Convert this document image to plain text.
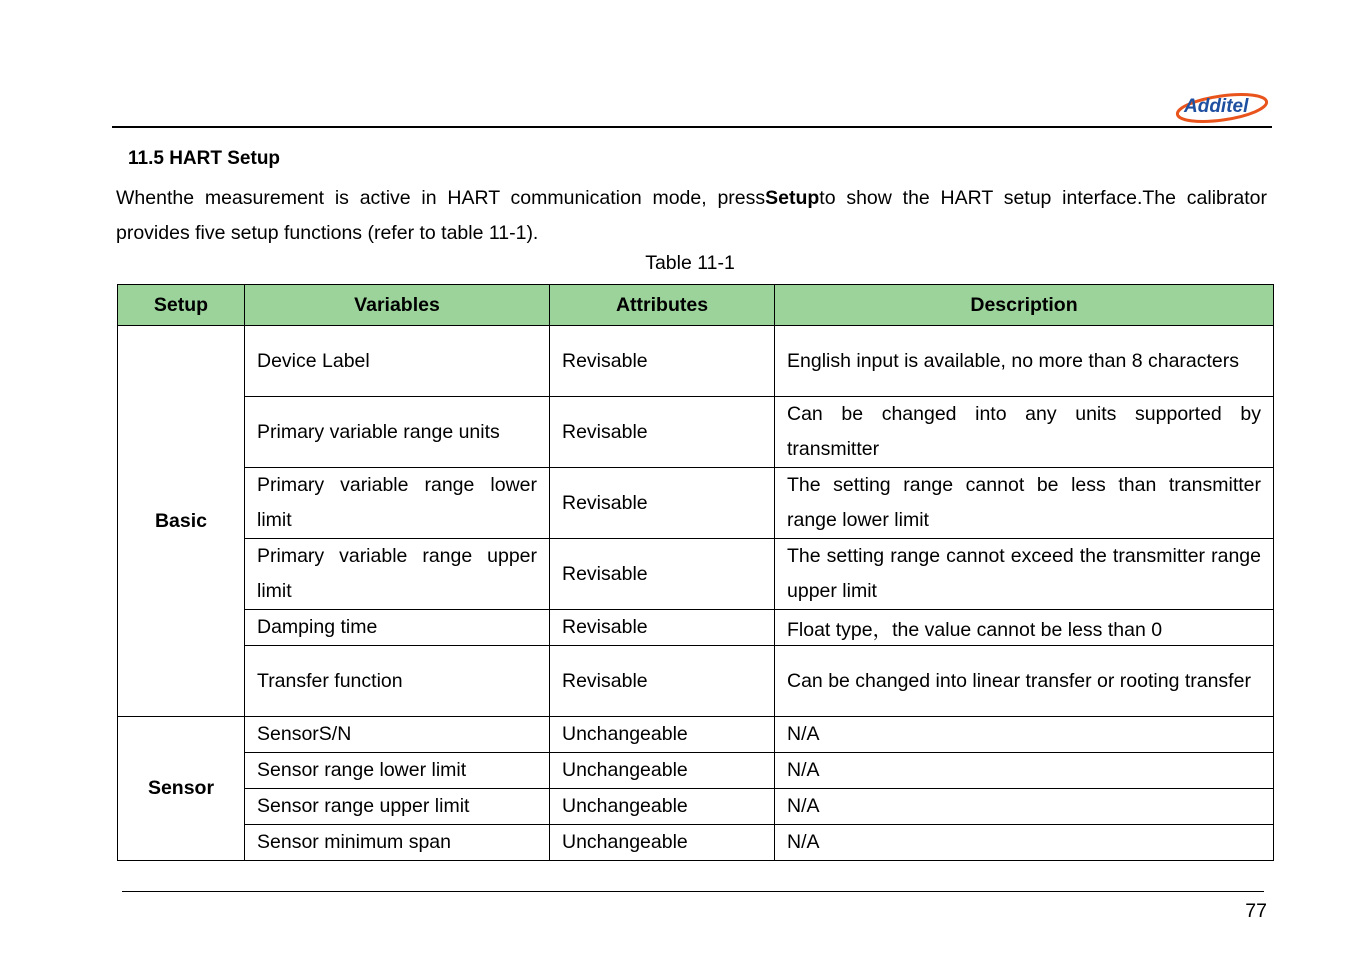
Additel
11.5 HART Setup
Whenthe measurement is active in HART communication mode, pressSetupto show the HART setup interface.The calibrator provides five setup functions (refer to table 11-1).
Table 11-1
Setup	Variables	Attributes	Description
Basic	Device Label	Revisable	English input is available, no more than 8 characters
	Primary variable range units	Revisable	Can be changed into any units supported by transmitter
	Primary variable range lower limit	Revisable	The setting range cannot be less than transmitter range lower limit
	Primary variable range upper limit	Revisable	The setting range cannot exceed the transmitter range upper limit
	Damping time	Revisable	Float type，the value cannot be less than 0
	Transfer function	Revisable	Can be changed into linear transfer or rooting transfer
Sensor	SensorS/N	Unchangeable	N/A
	Sensor range lower limit	Unchangeable	N/A
	Sensor range upper limit	Unchangeable	N/A
	Sensor minimum span	Unchangeable	N/A
77
